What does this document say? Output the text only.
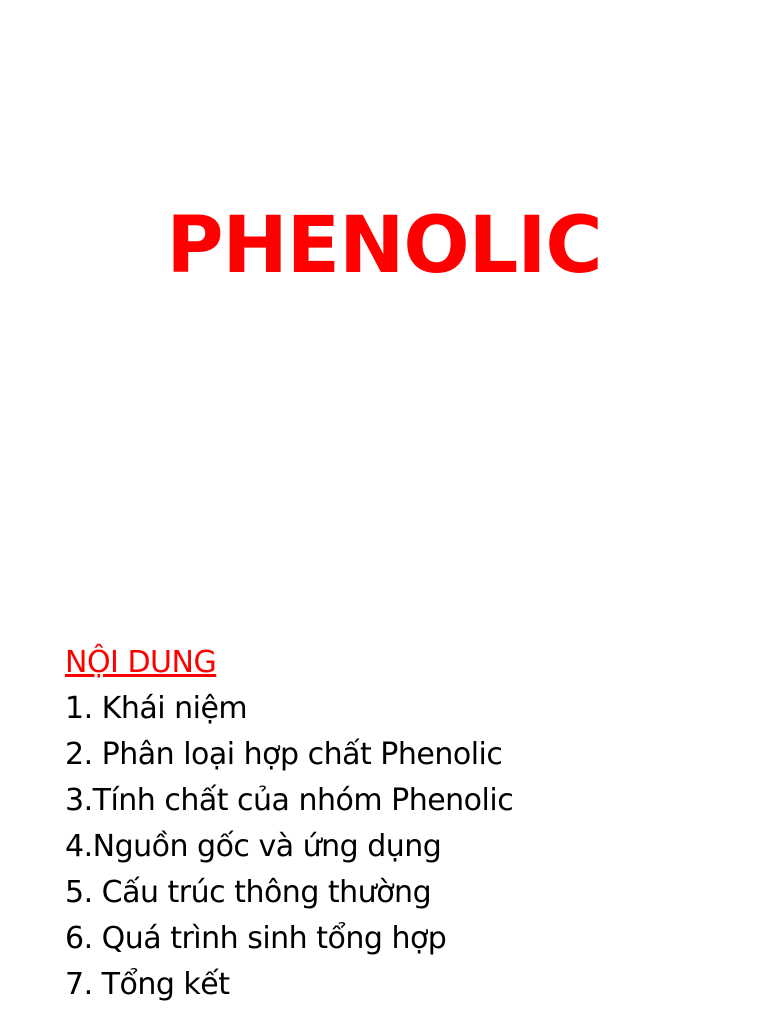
PHENOLIC
NỘI DUNG
1. Khái niệm
2. Phân loại hợp chất Phenolic
3.Tính chất của nhóm Phenolic
4.Nguồn gốc và ứng dụng
5. Cấu trúc thông thường
6. Quá trình sinh tổng hợp
7. Tổng kết
